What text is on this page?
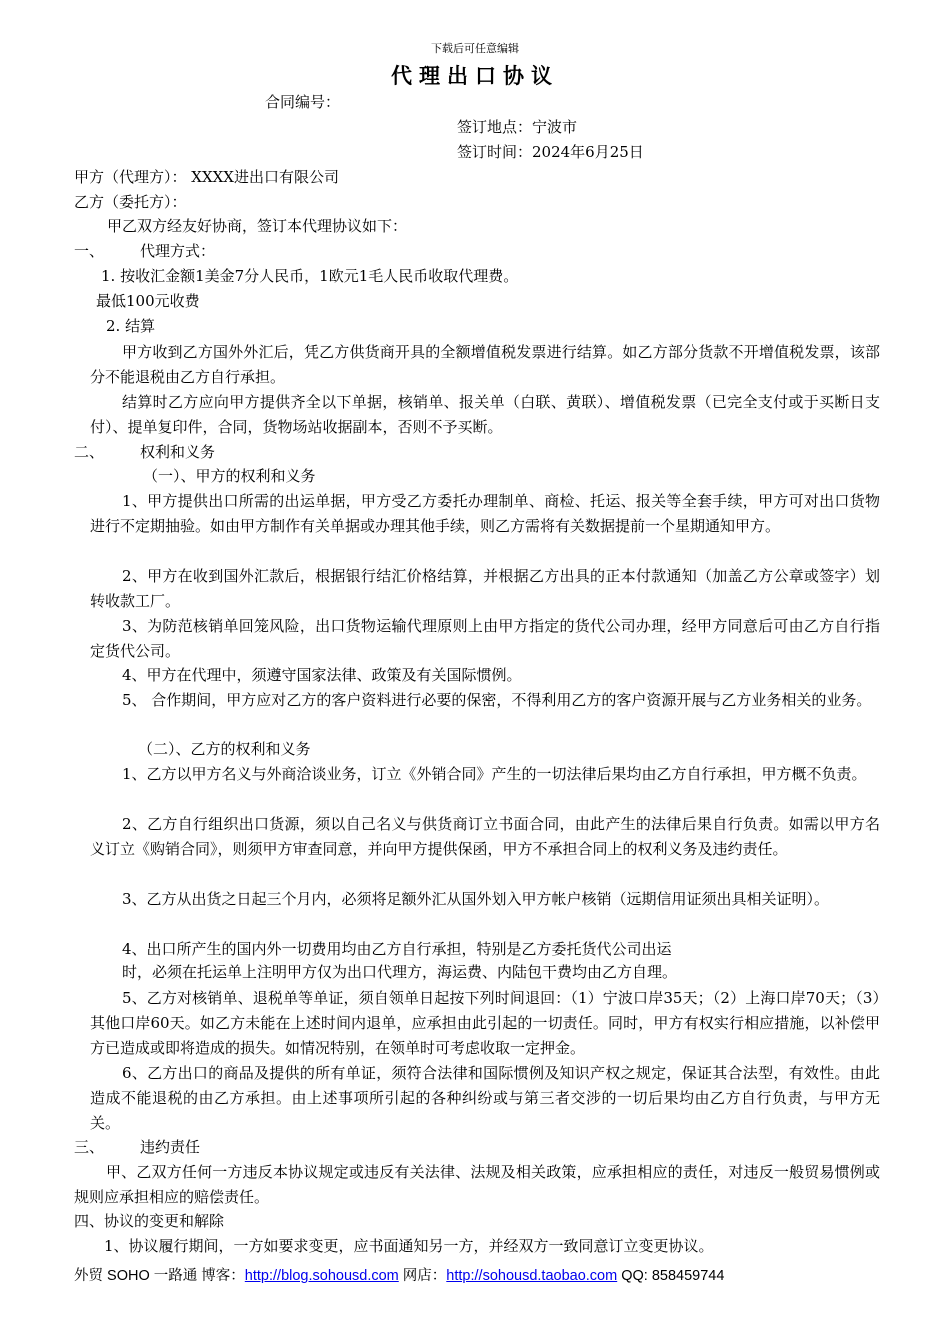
下载后可任意编辑
代理出口协议
合同编号：
签订地点：宁波市
签订时间：2024年6月25日
甲方（代理方）： XXXX进出口有限公司
乙方（委托方）：
甲乙双方经友好协商，签订本代理协议如下：
一、 代理方式：
1. 按收汇金额1美金7分人民币，1欧元1毛人民币收取代理费。
最低100元收费
2. 结算
甲方收到乙方国外外汇后，凭乙方供货商开具的全额增值税发票进行结算。如乙方部分货款不开增值税发票，该部分不能退税由乙方自行承担。
结算时乙方应向甲方提供齐全以下单据，核销单、报关单（白联、黄联）、增值税发票（已完全支付或于买断日支付）、提单复印件，合同，货物场站收据副本，否则不予买断。
二、 权利和义务
（一）、甲方的权利和义务
1、甲方提供出口所需的出运单据，甲方受乙方委托办理制单、商检、托运、报关等全套手续，甲方可对出口货物进行不定期抽验。如由甲方制作有关单据或办理其他手续，则乙方需将有关数据提前一个星期通知甲方。
2、甲方在收到国外汇款后，根据银行结汇价格结算，并根据乙方出具的正本付款通知（加盖乙方公章或签字）划转收款工厂。
3、为防范核销单回笼风险，出口货物运输代理原则上由甲方指定的货代公司办理，经甲方同意后可由乙方自行指定货代公司。
4、甲方在代理中，须遵守国家法律、政策及有关国际惯例。
5、 合作期间，甲方应对乙方的客户资料进行必要的保密，不得利用乙方的客户资源开展与乙方业务相关的业务。
（二）、乙方的权利和义务
1、乙方以甲方名义与外商洽谈业务，订立《外销合同》产生的一切法律后果均由乙方自行承担，甲方概不负责。
2、乙方自行组织出口货源，须以自己名义与供货商订立书面合同，由此产生的法律后果自行负责。如需以甲方名义订立《购销合同》，则须甲方审查同意，并向甲方提供保函，甲方不承担合同上的权利义务及违约责任。
3、乙方从出货之日起三个月内，必须将足额外汇从国外划入甲方帐户核销（远期信用证须出具相关证明）。
4、出口所产生的国内外一切费用均由乙方自行承担，特别是乙方委托货代公司出运
时，必须在托运单上注明甲方仅为出口代理方，海运费、内陆包干费均由乙方自理。
5、乙方对核销单、退税单等单证，须自领单日起按下列时间退回：（1）宁波口岸35天；（2）上海口岸70天；（3）其他口岸60天。如乙方未能在上述时间内退单，应承担由此引起的一切责任。同时，甲方有权实行相应措施，以补偿甲方已造成或即将造成的损失。如情况特别，在领单时可考虑收取一定押金。
6、乙方出口的商品及提供的所有单证，须符合法律和国际惯例及知识产权之规定，保证其合法型，有效性。由此造成不能退税的由乙方承担。由上述事项所引起的各种纠纷或与第三者交涉的一切后果均由乙方自行负责，与甲方无关。
三、 违约责任
甲、乙双方任何一方违反本协议规定或违反有关法律、法规及相关政策，应承担相应的责任，对违反一般贸易惯例或规则应承担相应的赔偿责任。
四、协议的变更和解除
1、协议履行期间，一方如要求变更，应书面通知另一方，并经双方一致同意订立变更协议。
外贸 SOHO 一路通 博客：http://blog.sohousd.com 网店：http://sohousd.taobao.com QQ: 858459744
